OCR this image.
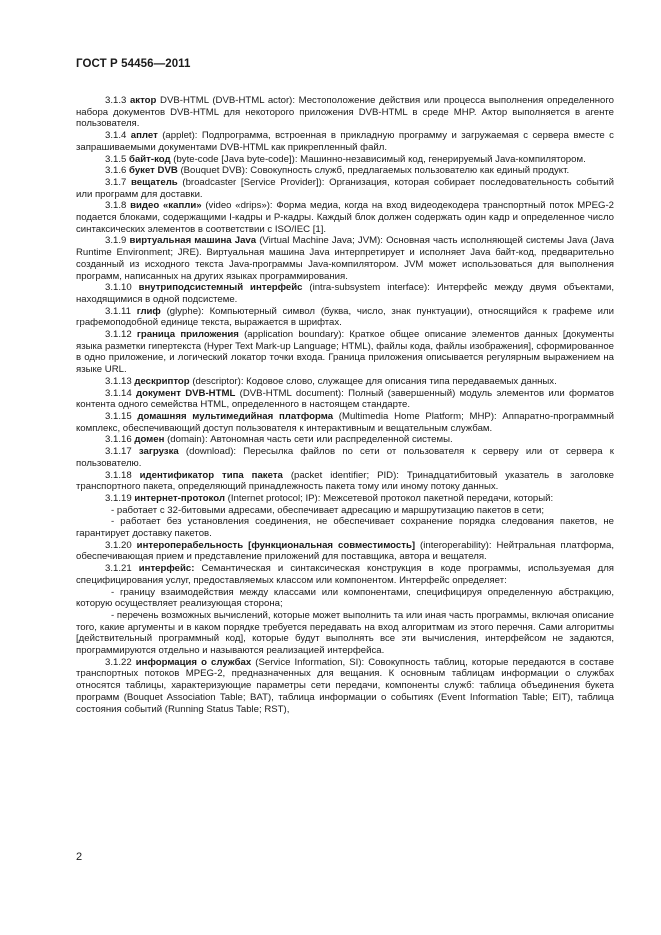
ГОСТ Р 54456—2011

3.1.3 актор DVB-HTML (DVB-HTML actor): Местоположение действия или процесса выполнения определенного набора документов DVB-HTML для некоторого приложения DVB-HTML в среде MHP. Актор выполняется в агенте пользователя.

3.1.4 аплет (applet): Подпрограмма, встроенная в прикладную программу и загружаемая с сервера вместе с запрашиваемыми документами DVB-HTML как прикрепленный файл.

3.1.5 байт-код (byte-code [Java byte-code]): Машинно-независимый код, генерируемый Java-компилятором.

3.1.6 букет DVB (Bouquet DVB): Совокупность служб, предлагаемых пользователю как единый продукт.

3.1.7 вещатель (broadcaster [Service Provider]): Организация, которая собирает последовательность событий или программ для доставки.

3.1.8 видео «капли» (video «drips»): Форма медиа, когда на вход видеодекодера транспортный поток MPEG-2 подается блоками, содержащими I-кадры и P-кадры. Каждый блок должен содержать один кадр и определенное число синтаксических элементов в соответствии с ISO/IEC [1].

3.1.9 виртуальная машина Java (Virtual Machine Java; JVM): Основная часть исполняющей системы Java (Java Runtime Environment; JRE). Виртуальная машина Java интерпретирует и исполняет Java байт-код, предварительно созданный из исходного текста Java-программы Java-компилятором. JVM может использоваться для выполнения программ, написанных на других языках программирования.

3.1.10 внутриподсистемный интерфейс (intra-subsystem interface): Интерфейс между двумя объектами, находящимися в одной подсистеме.

3.1.11 глиф (glyphe): Компьютерный символ (буква, число, знак пунктуации), относящийся к графеме или графемоподобной единице текста, выражается в шрифтах.

3.1.12 граница приложения (application boundary): Краткое общее описание элементов данных [документы языка разметки гипертекста (Hyper Text Mark-up Language; HTML), файлы кода, файлы изображения], сформированное в одно приложение, и логический локатор точки входа. Граница приложения описывается регулярным выражением на языке URL.

3.1.13 дескриптор (descriptor): Кодовое слово, служащее для описания типа передаваемых данных.

3.1.14 документ DVB-HTML (DVB-HTML document): Полный (завершенный) модуль элементов или форматов контента одного семейства HTML, определенного в настоящем стандарте.

3.1.15 домашняя мультимедийная платформа (Multimedia Home Platform; MHP): Аппаратно-программный комплекс, обеспечивающий доступ пользователя к интерактивным и вещательным службам.

3.1.16 домен (domain): Автономная часть сети или распределенной системы.

3.1.17 загрузка (download): Пересылка файлов по сети от пользователя к серверу или от сервера к пользователю.

3.1.18 идентификатор типа пакета (packet identifier; PID): Тринадцатибитовый указатель в заголовке транспортного пакета, определяющий принадлежность пакета тому или иному потоку данных.

3.1.19 интернет-протокол (Internet protocol; IP): Межсетевой протокол пакетной передачи, который:

- работает с 32-битовыми адресами, обеспечивает адресацию и маршрутизацию пакетов в сети;

- работает без установления соединения, не обеспечивает сохранение порядка следования пакетов, не гарантирует доставку пакетов.

3.1.20 интероперабельность [функциональная совместимость] (interoperability): Нейтральная платформа, обеспечивающая прием и представление приложений для поставщика, автора и вещателя.

3.1.21 интерфейс: Семантическая и синтаксическая конструкция в коде программы, используемая для специфицирования услуг, предоставляемых классом или компонентом. Интерфейс определяет:

- границу взаимодействия между классами или компонентами, специфицируя определенную абстракцию, которую осуществляет реализующая сторона;

- перечень возможных вычислений, которые может выполнить та или иная часть программы, включая описание того, какие аргументы и в каком порядке требуется передавать на вход алгоритмам из этого перечня. Сами алгоритмы [действительный программный код], которые будут выполнять все эти вычисления, интерфейсом не задаются, программируются отдельно и называются реализацией интерфейса.

3.1.22 информация о службах (Service Information, SI): Совокупность таблиц, которые передаются в составе транспортных потоков MPEG-2, предназначенных для вещания. К основным таблицам информации о службах относятся таблицы, характеризующие параметры сети передачи, компоненты служб: таблица объединения букета программ (Bouquet Association Table; BAT), таблица информации о событиях (Event Information Table; EIT), таблица состояния событий (Running Status Table; RST),

2
